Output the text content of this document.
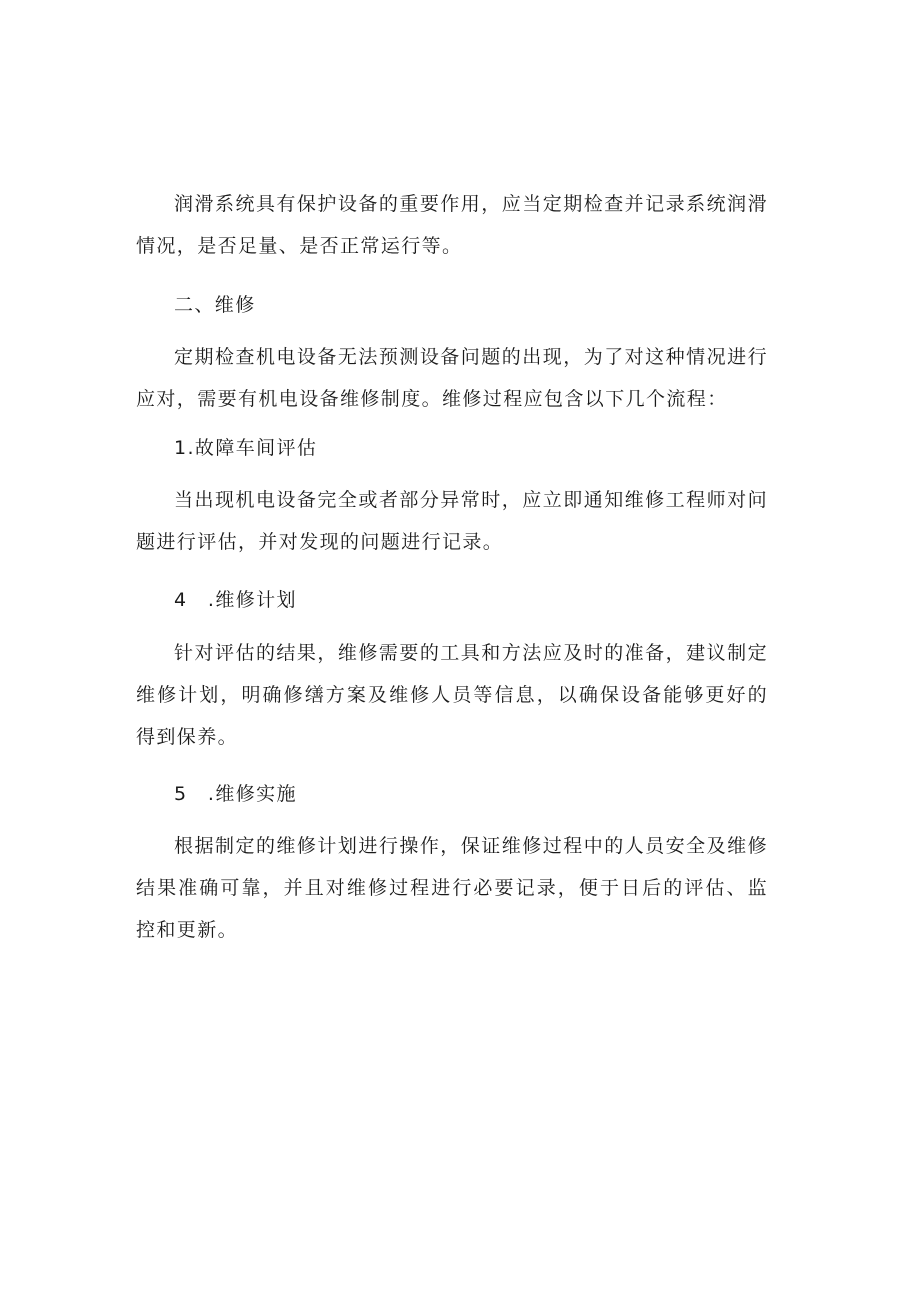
润滑系统具有保护设备的重要作用，应当定期检查并记录系统润滑情况，是否足量、是否正常运行等。

二、维修

定期检查机电设备无法预测设备问题的出现，为了对这种情况进行应对，需要有机电设备维修制度。维修过程应包含以下几个流程：

1.故障车间评估

当出现机电设备完全或者部分异常时，应立即通知维修工程师对问题进行评估，并对发现的问题进行记录。

4　.维修计划

针对评估的结果，维修需要的工具和方法应及时的准备，建议制定维修计划，明确修缮方案及维修人员等信息，以确保设备能够更好的得到保养。

5　.维修实施

根据制定的维修计划进行操作，保证维修过程中的人员安全及维修结果准确可靠，并且对维修过程进行必要记录，便于日后的评估、监控和更新。
